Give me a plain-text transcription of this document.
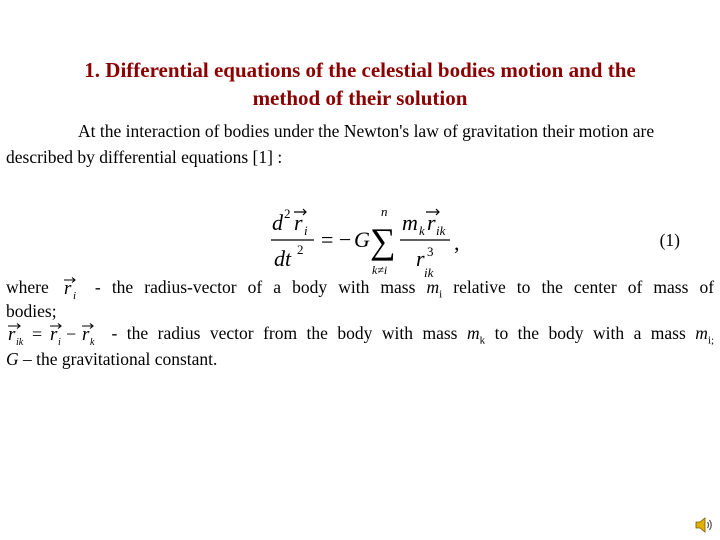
1. Differential equations of the celestial bodies motion and the
method of their solution
At the interaction of bodies under the Newton's law of gravitation their motion are described by differential equations [1] :
d 2 r i
dt 2 = − G
n
∑
k≠i
m k r ik
r 3
ik
,	(1)
where r i - the radius-vector of a body with mass $m_i$ relative to the center of mass of
bodies;
r ik = r i − r k - the radius vector from the body with mass $m_k$ to the body with a mass $m_{i;}$
G – the gravitational constant.
